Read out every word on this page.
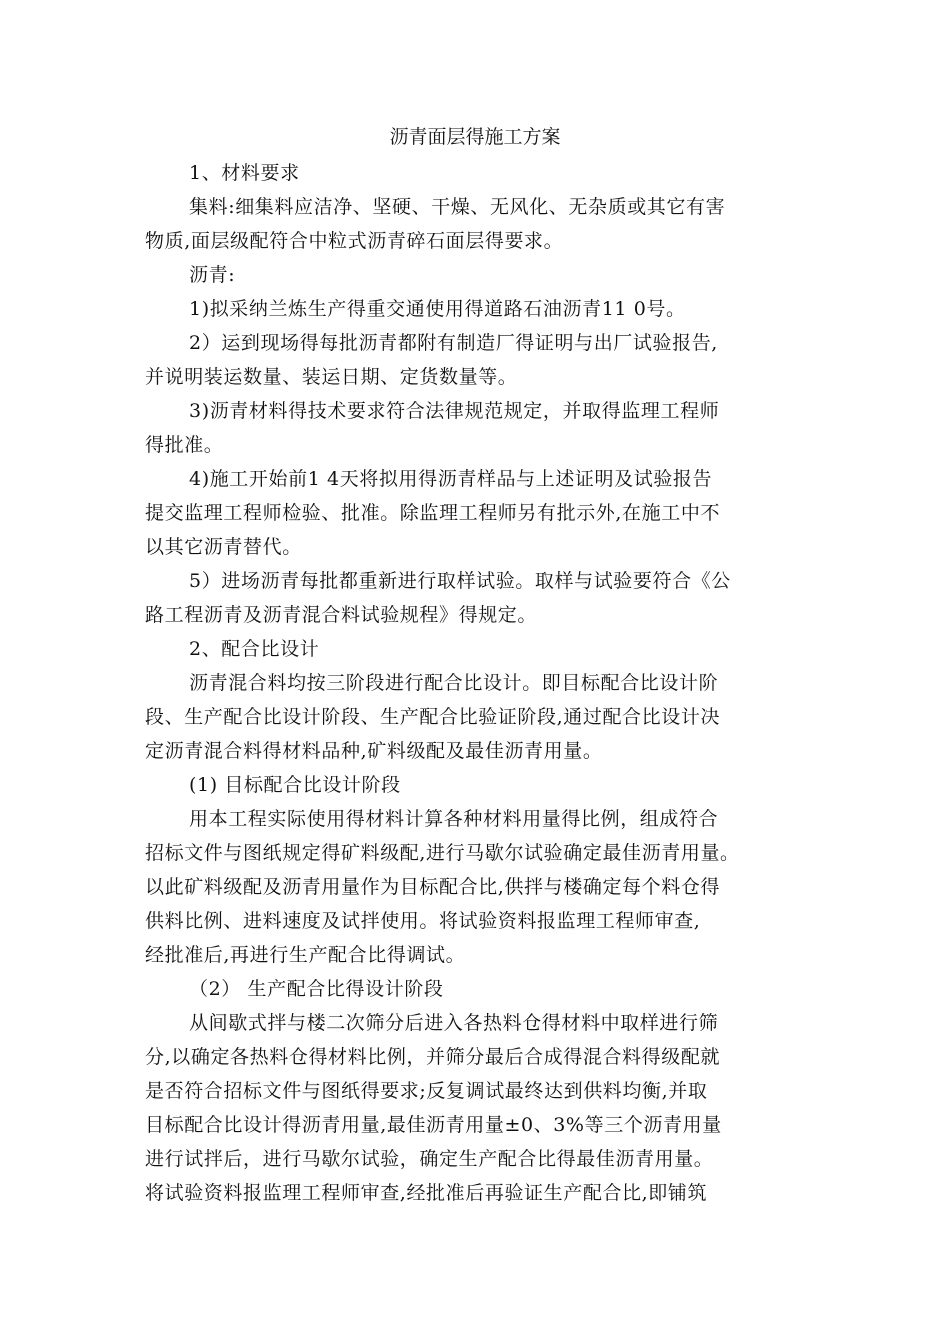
沥青面层得施工方案
1、材料要求
集料:细集料应洁净、坚硬、干燥、无风化、无杂质或其它有害
物质,面层级配符合中粒式沥青碎石面层得要求。
沥青:
1)拟采纳兰炼生产得重交通使用得道路石油沥青11 0号。
2）运到现场得每批沥青都附有制造厂得证明与出厂试验报告,
并说明装运数量、装运日期、定货数量等。
3)沥青材料得技术要求符合法律规范规定，并取得监理工程师
得批准。
4)施工开始前1 4天将拟用得沥青样品与上述证明及试验报告
提交监理工程师检验、批准。除监理工程师另有批示外,在施工中不
以其它沥青替代。
5）进场沥青每批都重新进行取样试验。取样与试验要符合《公
路工程沥青及沥青混合料试验规程》得规定。
2、配合比设计
沥青混合料均按三阶段进行配合比设计。即目标配合比设计阶
段、生产配合比设计阶段、生产配合比验证阶段,通过配合比设计决
定沥青混合料得材料品种,矿料级配及最佳沥青用量。
(1) 目标配合比设计阶段
用本工程实际使用得材料计算各种材料用量得比例，组成符合
招标文件与图纸规定得矿料级配,进行马歇尔试验确定最佳沥青用量。
以此矿料级配及沥青用量作为目标配合比,供拌与楼确定每个料仓得
供料比例、进料速度及试拌使用。将试验资料报监理工程师审查,
经批准后,再进行生产配合比得调试。
（2） 生产配合比得设计阶段
从间歇式拌与楼二次筛分后进入各热料仓得材料中取样进行筛
分,以确定各热料仓得材料比例，并筛分最后合成得混合料得级配就
是否符合招标文件与图纸得要求;反复调试最终达到供料均衡,并取
目标配合比设计得沥青用量,最佳沥青用量±0、3%等三个沥青用量
进行试拌后，进行马歇尔试验，确定生产配合比得最佳沥青用量。
将试验资料报监理工程师审查,经批准后再验证生产配合比,即铺筑
